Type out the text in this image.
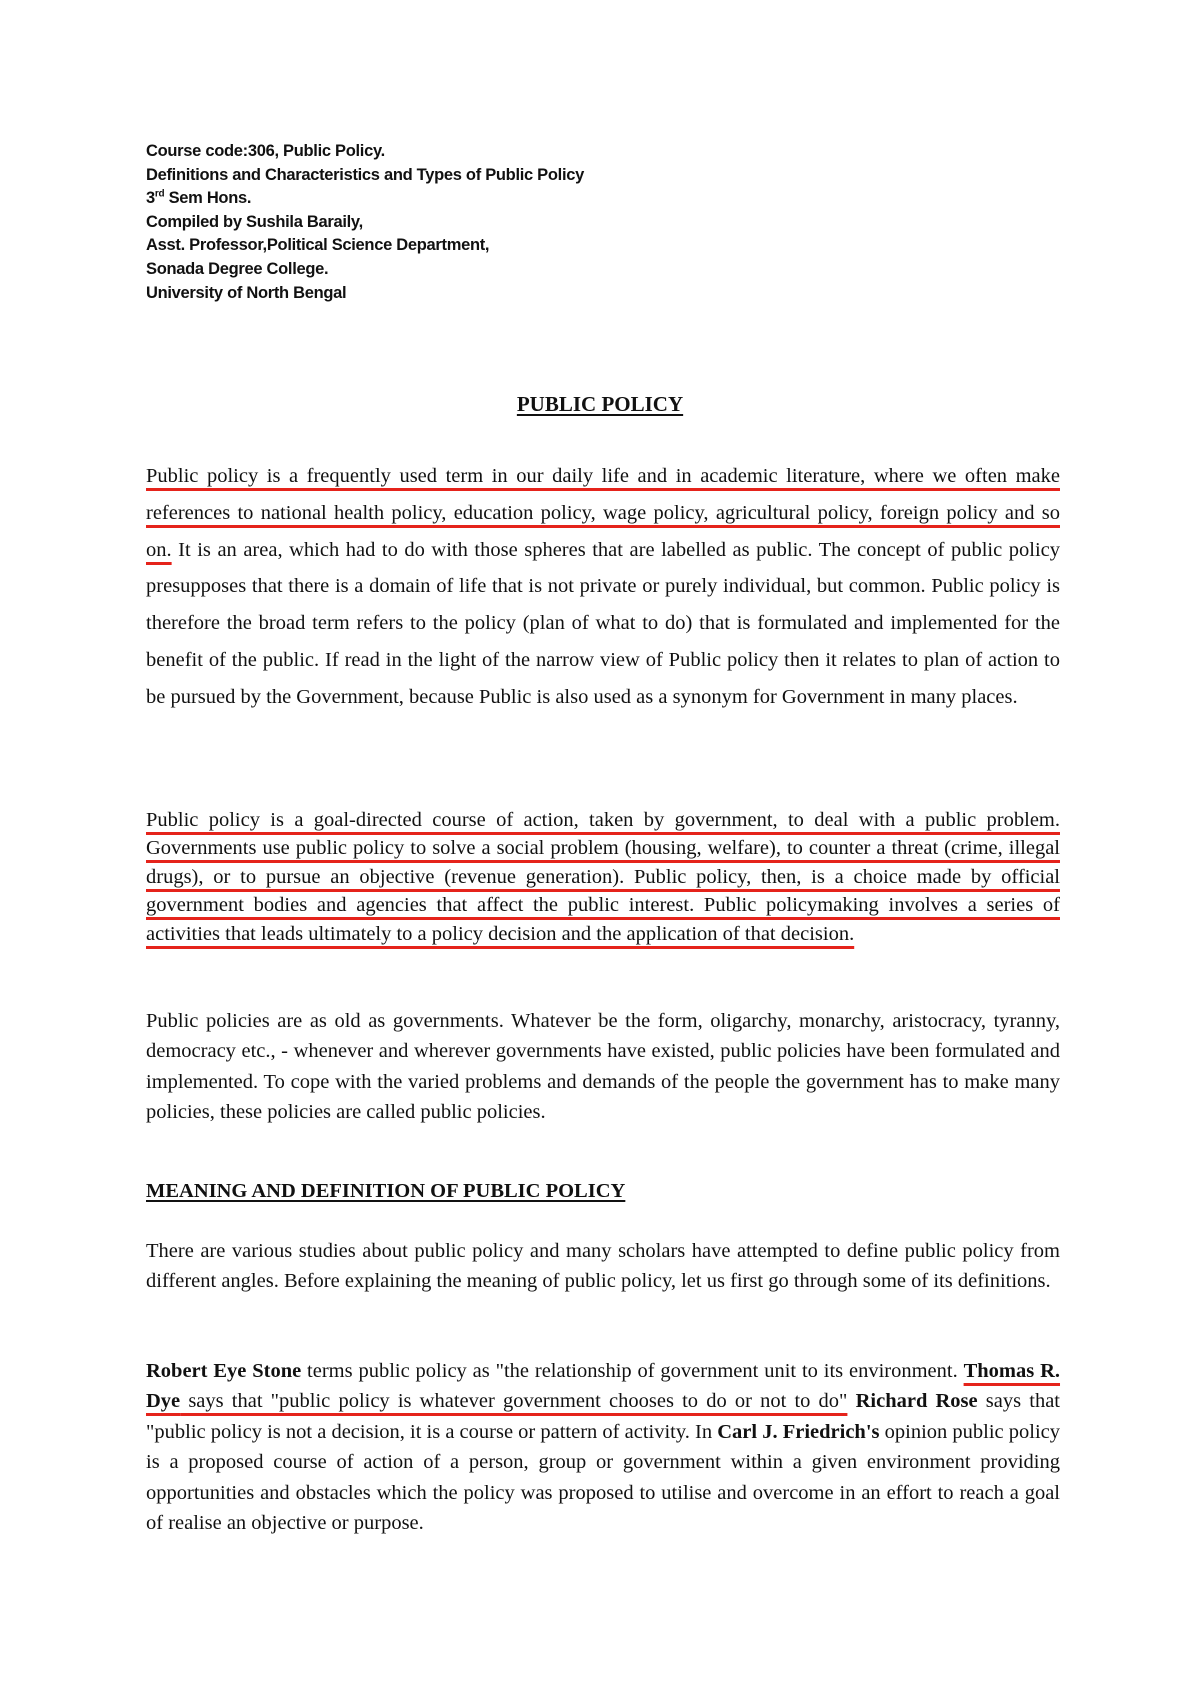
Course code:306, Public Policy.
Definitions and Characteristics and Types of Public Policy
3rd Sem Hons.
Compiled by Sushila Baraily,
Asst. Professor,Political Science Department,
Sonada Degree College.
University of North Bengal
PUBLIC POLICY

Public policy is a frequently used term in our daily life and in academic literature, where we often make references to national health policy, education policy, wage policy, agricultural policy, foreign policy and so on. It is an area, which had to do with those spheres that are labelled as public. The concept of public policy presupposes that there is a domain of life that is not private or purely individual, but common. Public policy is therefore the broad term refers to the policy (plan of what to do) that is formulated and implemented for the benefit of the public. If read in the light of the narrow view of Public policy then it relates to plan of action to be pursued by the Government, because Public is also used as a synonym for Government in many places.

Public policy is a goal-directed course of action, taken by government, to deal with a public problem. Governments use public policy to solve a social problem (housing, welfare), to counter a threat (crime, illegal drugs), or to pursue an objective (revenue generation). Public policy, then, is a choice made by official government bodies and agencies that affect the public interest. Public policymaking involves a series of activities that leads ultimately to a policy decision and the application of that decision.

Public policies are as old as governments. Whatever be the form, oligarchy, monarchy, aristocracy, tyranny, democracy etc., - whenever and wherever governments have existed, public policies have been formulated and implemented. To cope with the varied problems and demands of the people the government has to make many policies, these policies are called public policies.

MEANING AND DEFINITION OF PUBLIC POLICY

There are various studies about public policy and many scholars have attempted to define public policy from different angles. Before explaining the meaning of public policy, let us first go through some of its definitions.

Robert Eye Stone terms public policy as "the relationship of government unit to its environment. Thomas R. Dye says that "public policy is whatever government chooses to do or not to do" Richard Rose says that "public policy is not a decision, it is a course or pattern of activity. In Carl J. Friedrich's opinion public policy is a proposed course of action of a person, group or government within a given environment providing opportunities and obstacles which the policy was proposed to utilise and overcome in an effort to reach a goal of realise an objective or purpose.
